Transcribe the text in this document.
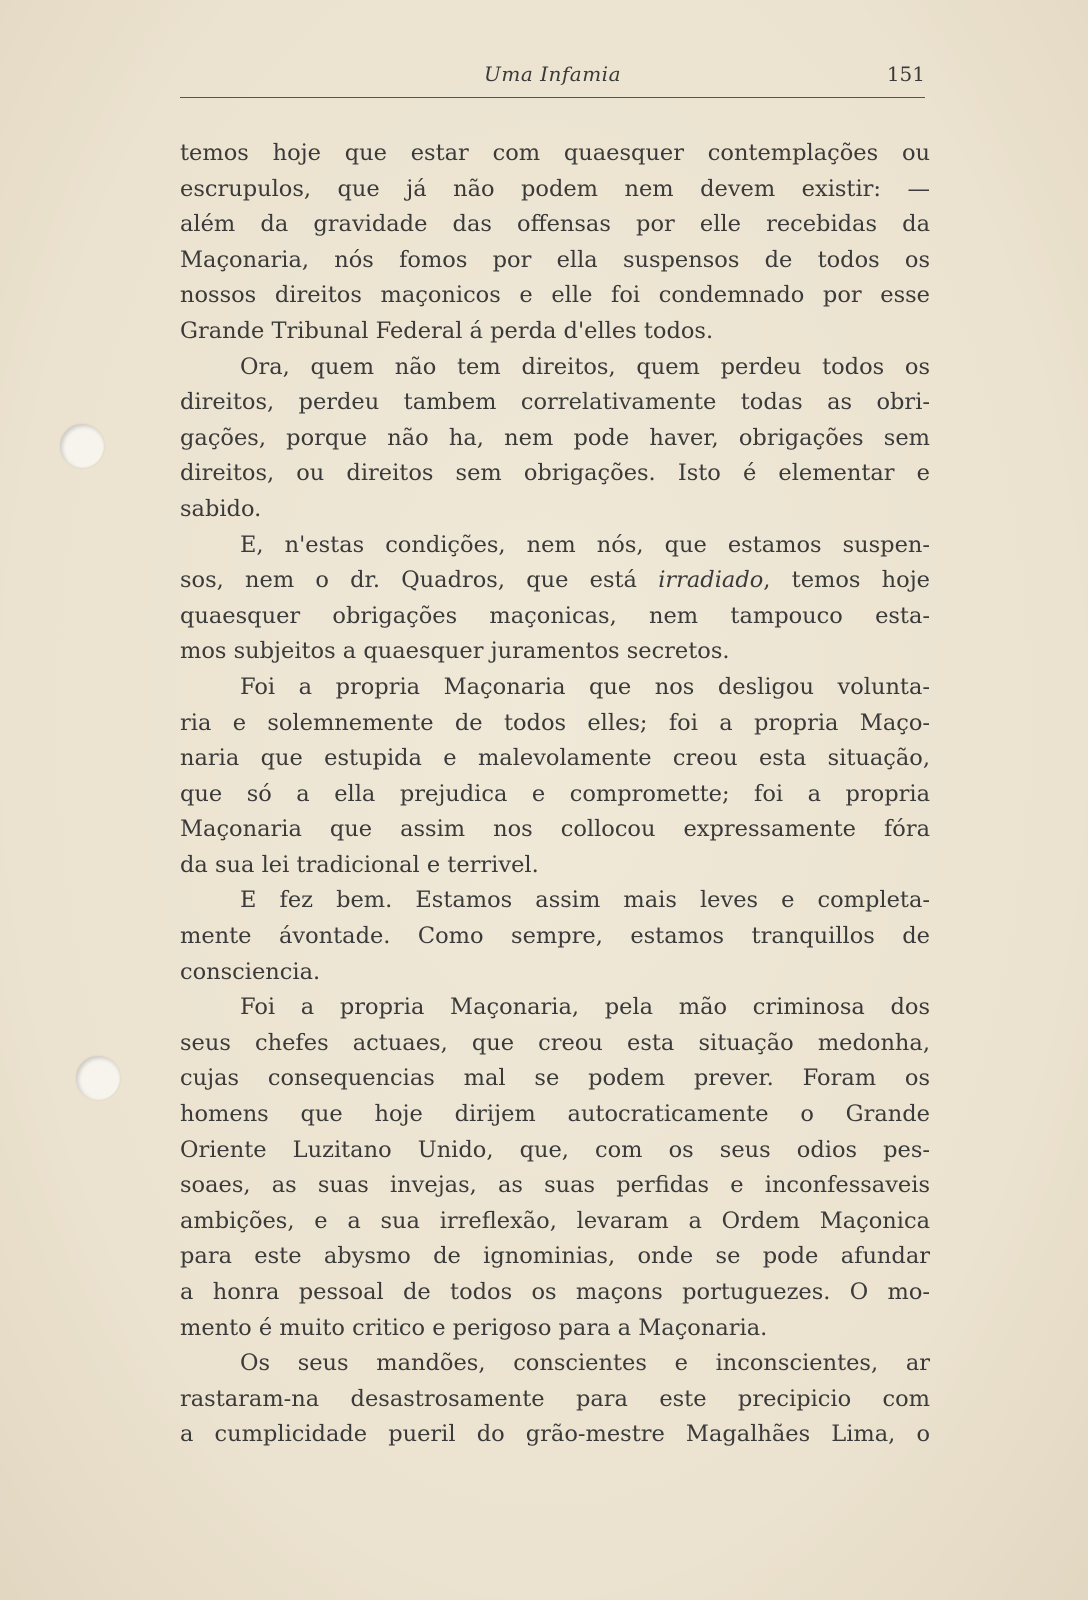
Uma Infamia	151
temos hoje que estar com quaesquer contemplações ou
escrupulos, que já não podem nem devem existir: —
além da gravidade das offensas por elle recebidas da
Maçonaria, nós fomos por ella suspensos de todos os
nossos direitos maçonicos e elle foi condemnado por esse
Grande Tribunal Federal á perda d'elles todos.
Ora, quem não tem direitos, quem perdeu todos os
direitos, perdeu tambem correlativamente todas as obri-
gações, porque não ha, nem pode haver, obrigações sem
direitos, ou direitos sem obrigações. Isto é elementar e
sabido.
E, n'estas condições, nem nós, que estamos suspen-
sos, nem o dr. Quadros, que está irradiado, temos hoje
quaesquer obrigações maçonicas, nem tampouco esta-
mos subjeitos a quaesquer juramentos secretos.
Foi a propria Maçonaria que nos desligou volunta-
ria e solemnemente de todos elles; foi a propria Maço-
naria que estupida e malevolamente creou esta situação,
que só a ella prejudica e compromette; foi a propria
Maçonaria que assim nos collocou expressamente fóra
da sua lei tradicional e terrivel.
E fez bem. Estamos assim mais leves e completa-
mente ávontade. Como sempre, estamos tranquillos de
consciencia.
Foi a propria Maçonaria, pela mão criminosa dos
seus chefes actuaes, que creou esta situação medonha,
cujas consequencias mal se podem prever. Foram os
homens que hoje dirijem autocraticamente o Grande
Oriente Luzitano Unido, que, com os seus odios pes-
soaes, as suas invejas, as suas perfidas e inconfessaveis
ambições, e a sua irreflexão, levaram a Ordem Maçonica
para este abysmo de ignominias, onde se pode afundar
a honra pessoal de todos os maçons portuguezes. O mo-
mento é muito critico e perigoso para a Maçonaria.
Os seus mandões, conscientes e inconscientes, ar
rastaram-na desastrosamente para este precipicio com
a cumplicidade pueril do grão-mestre Magalhães Lima, o
